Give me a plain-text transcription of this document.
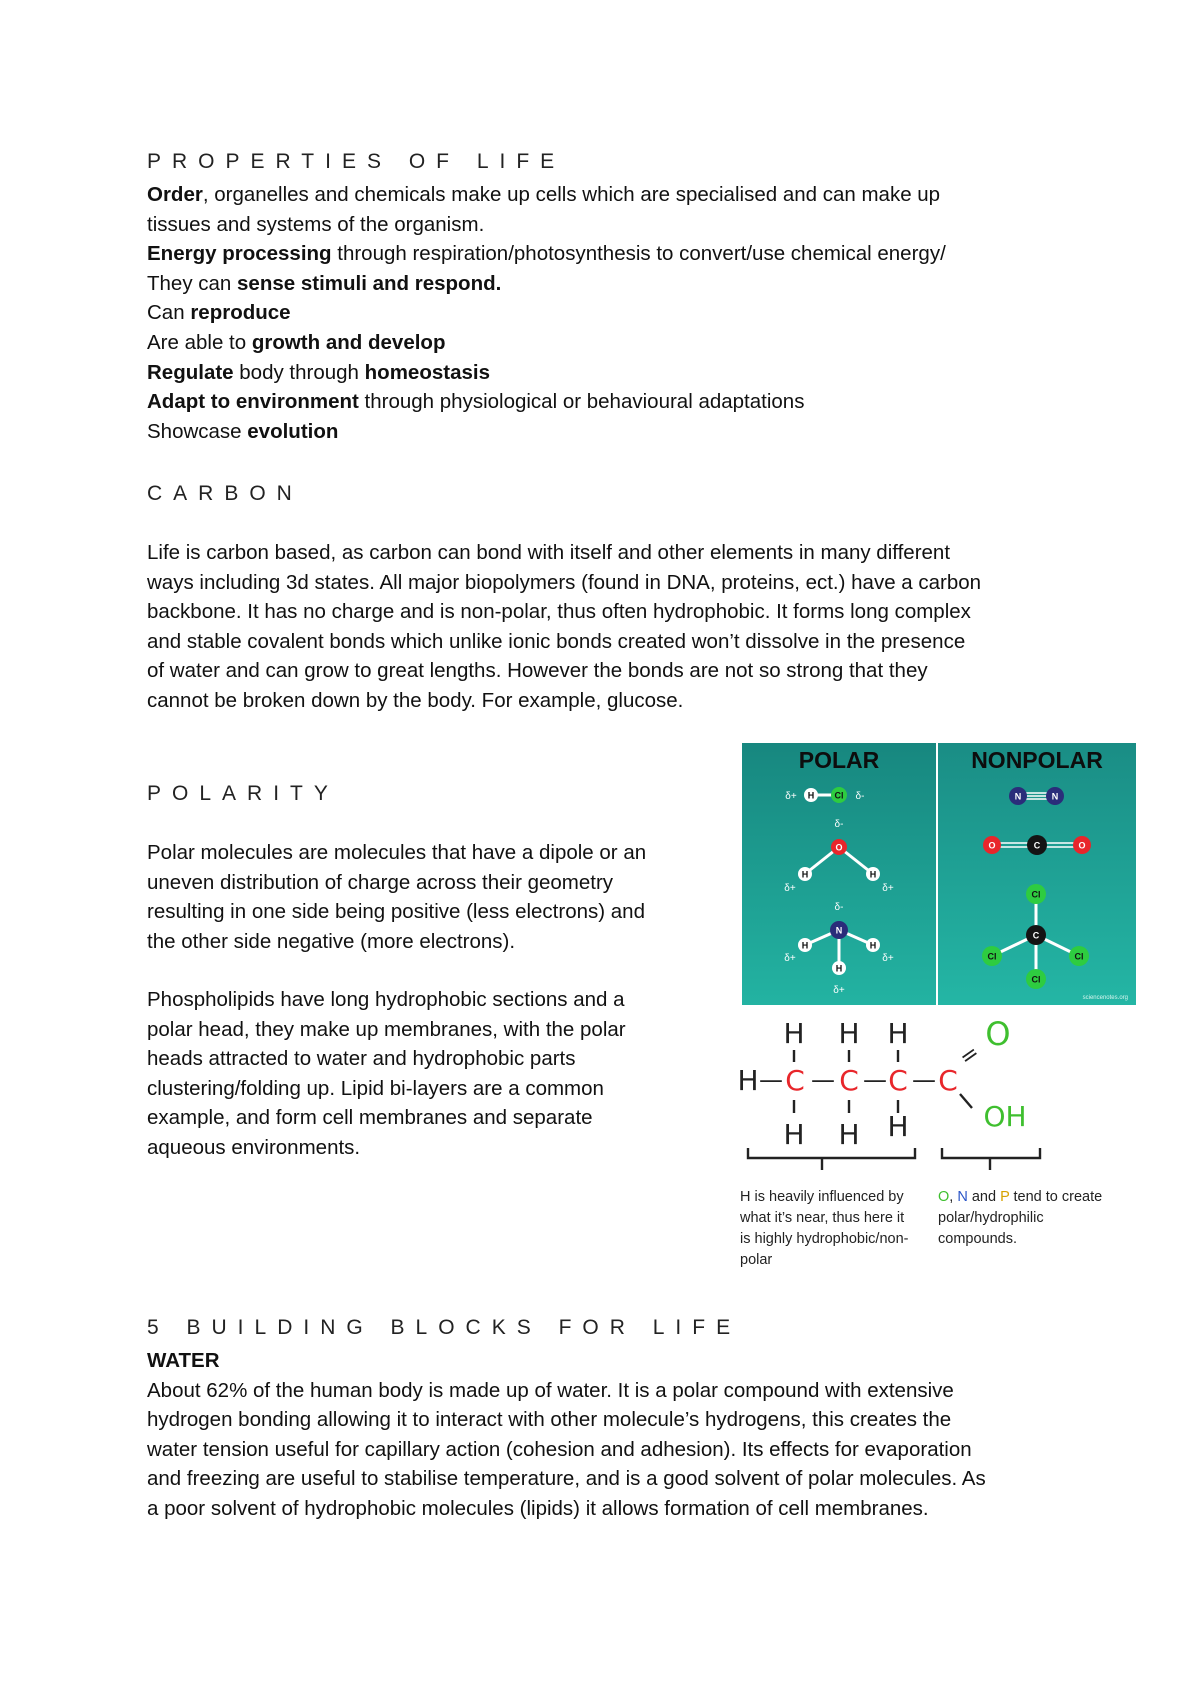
PROPERTIES OF LIFE
Order, organelles and chemicals make up cells which are specialised and can make up
tissues and systems of the organism.
Energy processing through respiration/photosynthesis to convert/use chemical energy/
They can sense stimuli and respond.
Can reproduce
Are able to growth and develop
Regulate body through homeostasis
Adapt to environment through physiological or behavioural adaptations
Showcase evolution
CARBON
Life is carbon based, as carbon can bond with itself and other elements in many different
ways including 3d states. All major biopolymers (found in DNA, proteins, ect.) have a carbon
backbone. It has no charge and is non-polar, thus often hydrophobic. It forms long complex
and stable covalent bonds which unlike ionic bonds created won’t dissolve in the presence
of water and can grow to great lengths. However the bonds are not so strong that they
cannot be broken down by the body. For example, glucose.
POLARITY
Polar molecules are molecules that have a dipole or an
uneven distribution of charge across their geometry
resulting in one side being positive (less electrons) and
the other side negative (more electrons).
Phospholipids have long hydrophobic sections and a
polar head, they make up membranes, with the polar
heads attracted to water and hydrophobic parts
clustering/folding up. Lipid bi-layers are a common
example, and form cell membranes and separate
aqueous environments.
POLAR	NONPOLAR
δ+ H Cl δ-
δ-
O
H	H
δ+	δ+
δ-
N
H	H
H
δ+	δ+
δ+
N	N
O	C	O
Cl
C
Cl	Cl
Cl
sciencenotes.org
H H H
H — C — C — C — C
=
O
OH
H H H
H is heavily influenced by
what it’s near, thus here it
is highly hydrophobic/non-
polar
O, N and P tend to create
polar/hydrophilic
compounds.
5 BUILDING BLOCKS FOR LIFE
WATER
About 62% of the human body is made up of water. It is a polar compound with extensive
hydrogen bonding allowing it to interact with other molecule’s hydrogens, this creates the
water tension useful for capillary action (cohesion and adhesion). Its effects for evaporation
and freezing are useful to stabilise temperature, and is a good solvent of polar molecules. As
a poor solvent of hydrophobic molecules (lipids) it allows formation of cell membranes.
